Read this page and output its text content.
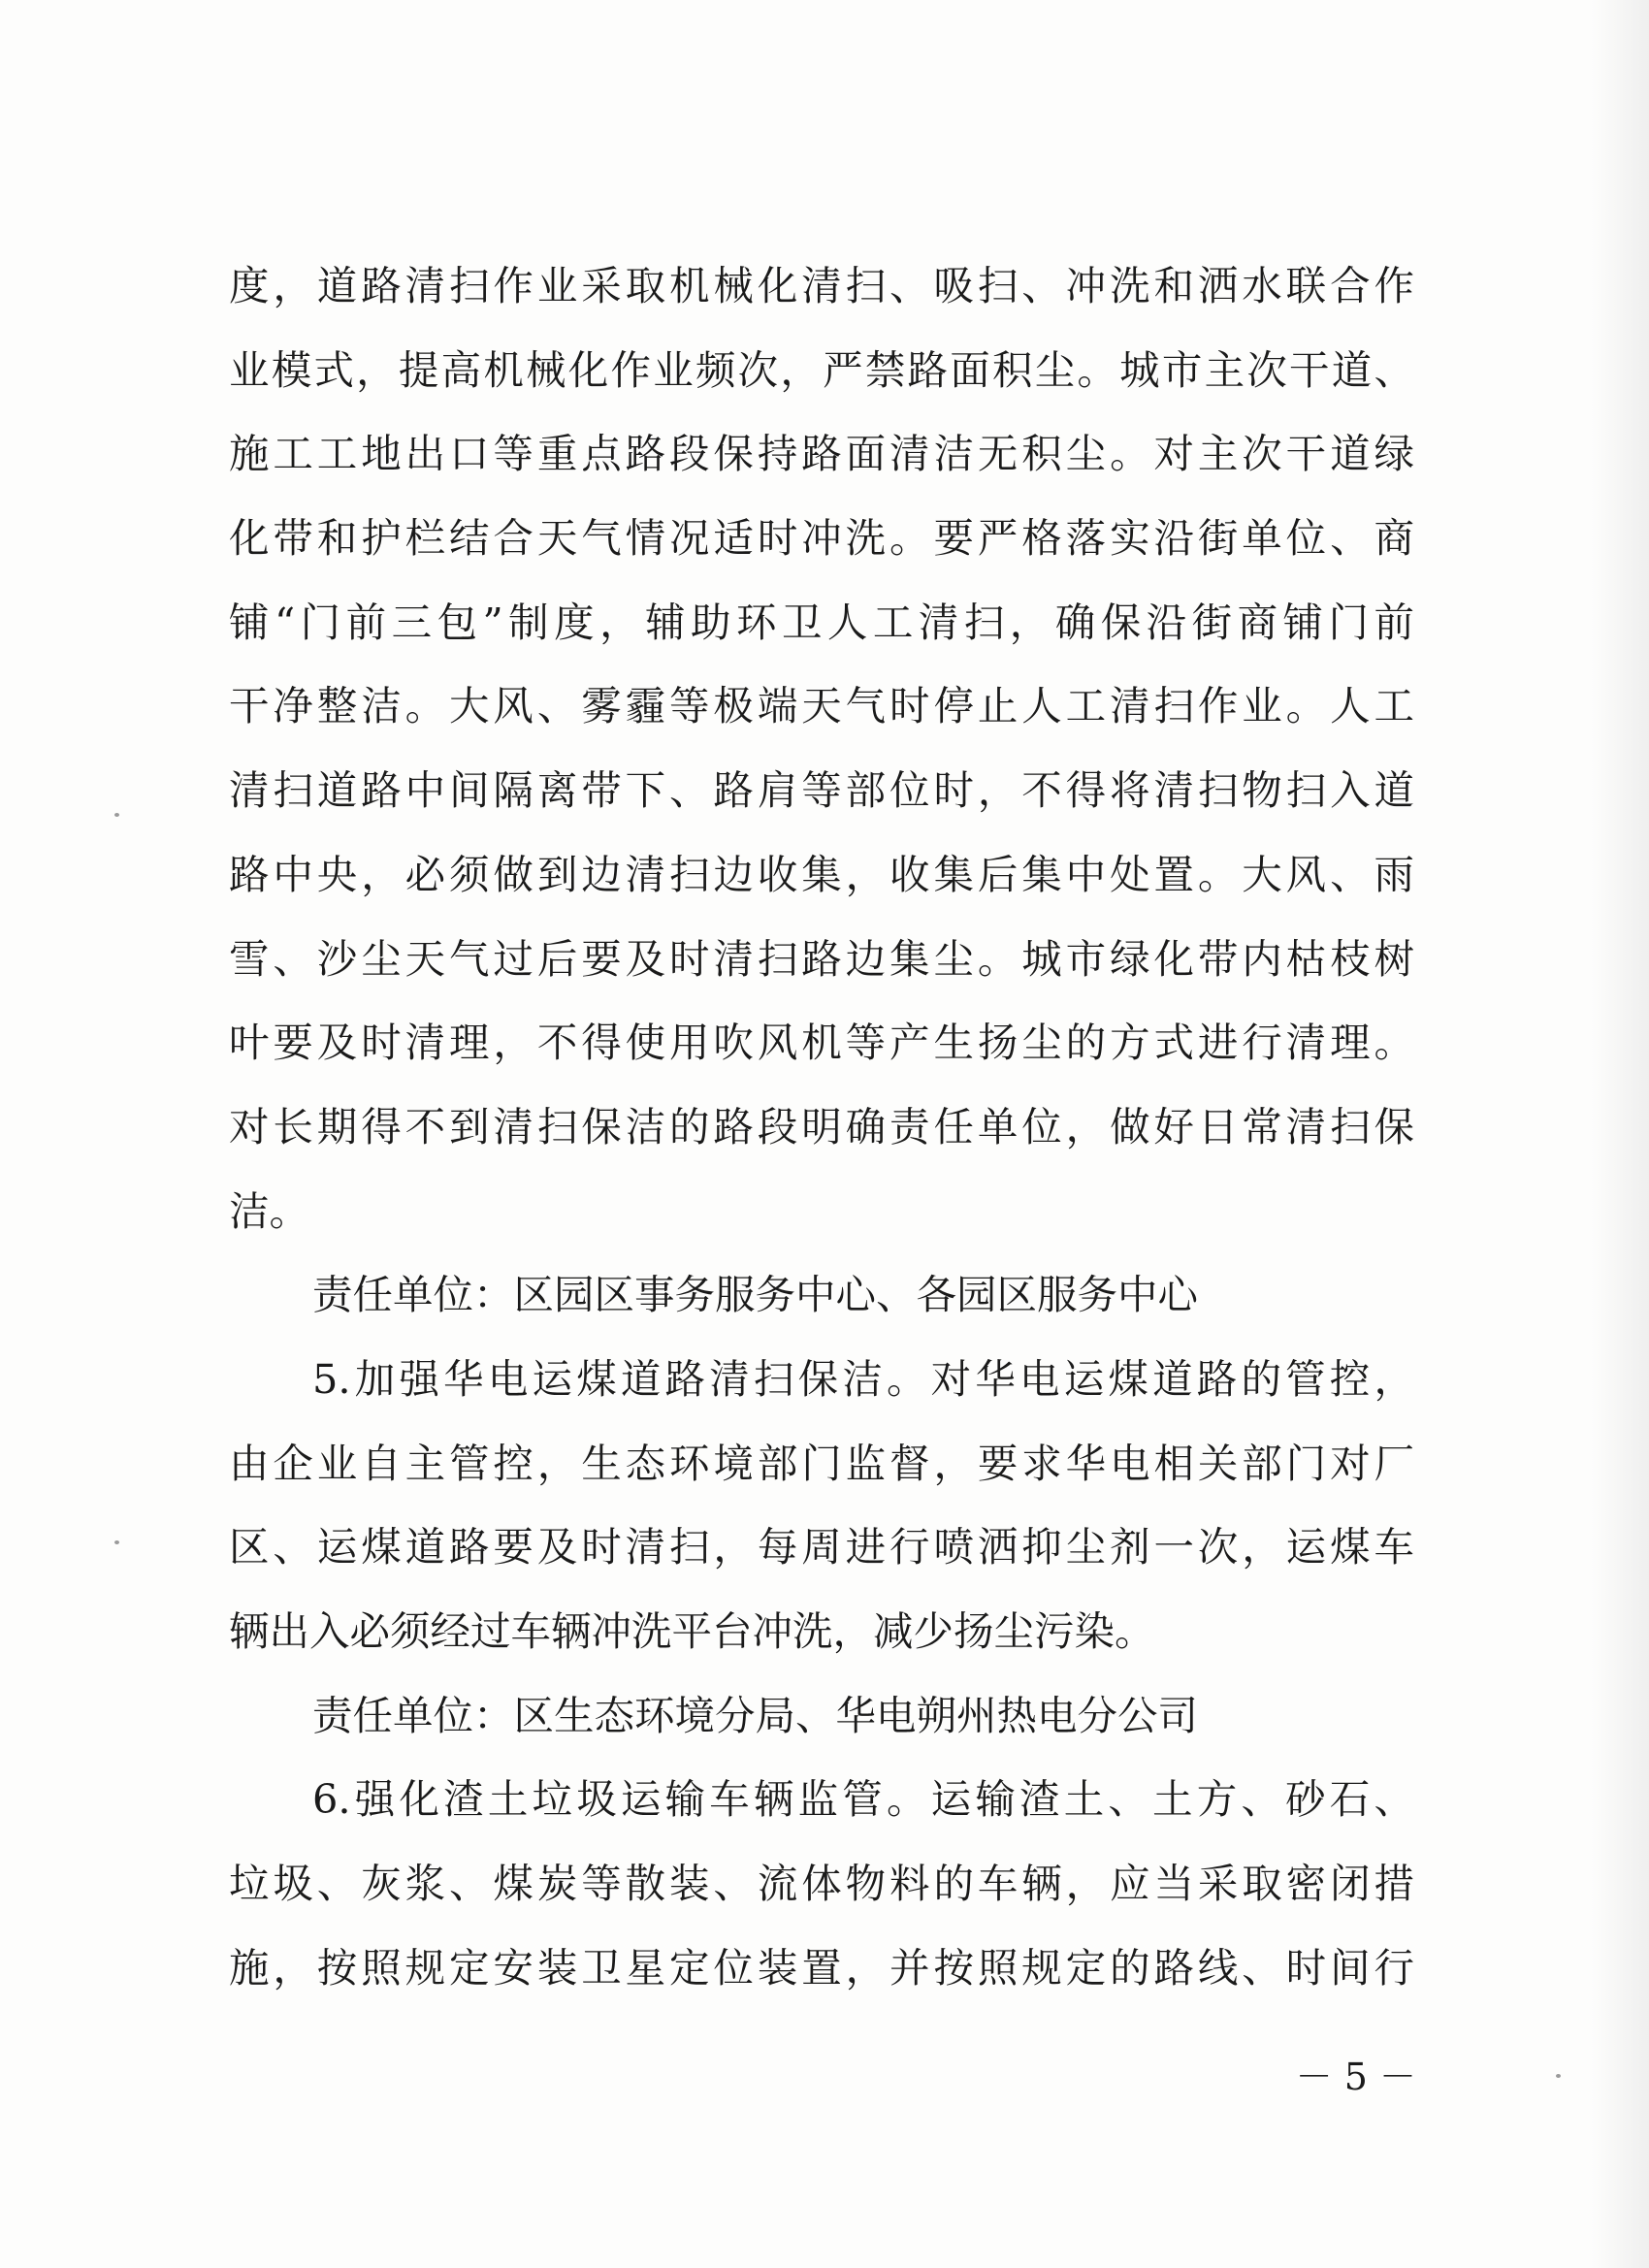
度，道路清扫作业采取机械化清扫、吸扫、冲洗和洒水联合作
业模式，提高机械化作业频次，严禁路面积尘。城市主次干道、
施工工地出口等重点路段保持路面清洁无积尘。对主次干道绿
化带和护栏结合天气情况适时冲洗。要严格落实沿街单位、商
铺“门前三包”制度，辅助环卫人工清扫，确保沿街商铺门前
干净整洁。大风、雾霾等极端天气时停止人工清扫作业。人工
清扫道路中间隔离带下、路肩等部位时，不得将清扫物扫入道
路中央，必须做到边清扫边收集，收集后集中处置。大风、雨
雪、沙尘天气过后要及时清扫路边集尘。城市绿化带内枯枝树
叶要及时清理，不得使用吹风机等产生扬尘的方式进行清理。
对长期得不到清扫保洁的路段明确责任单位，做好日常清扫保
洁。
责任单位：区园区事务服务中心、各园区服务中心
5.加强华电运煤道路清扫保洁。对华电运煤道路的管控，
由企业自主管控，生态环境部门监督，要求华电相关部门对厂
区、运煤道路要及时清扫，每周进行喷洒抑尘剂一次，运煤车
辆出入必须经过车辆冲洗平台冲洗，减少扬尘污染。
责任单位：区生态环境分局、华电朔州热电分公司
6.强化渣土垃圾运输车辆监管。运输渣土、土方、砂石、
垃圾、灰浆、煤炭等散装、流体物料的车辆，应当采取密闭措
施，按照规定安装卫星定位装置，并按照规定的路线、时间行
－ 5 －
